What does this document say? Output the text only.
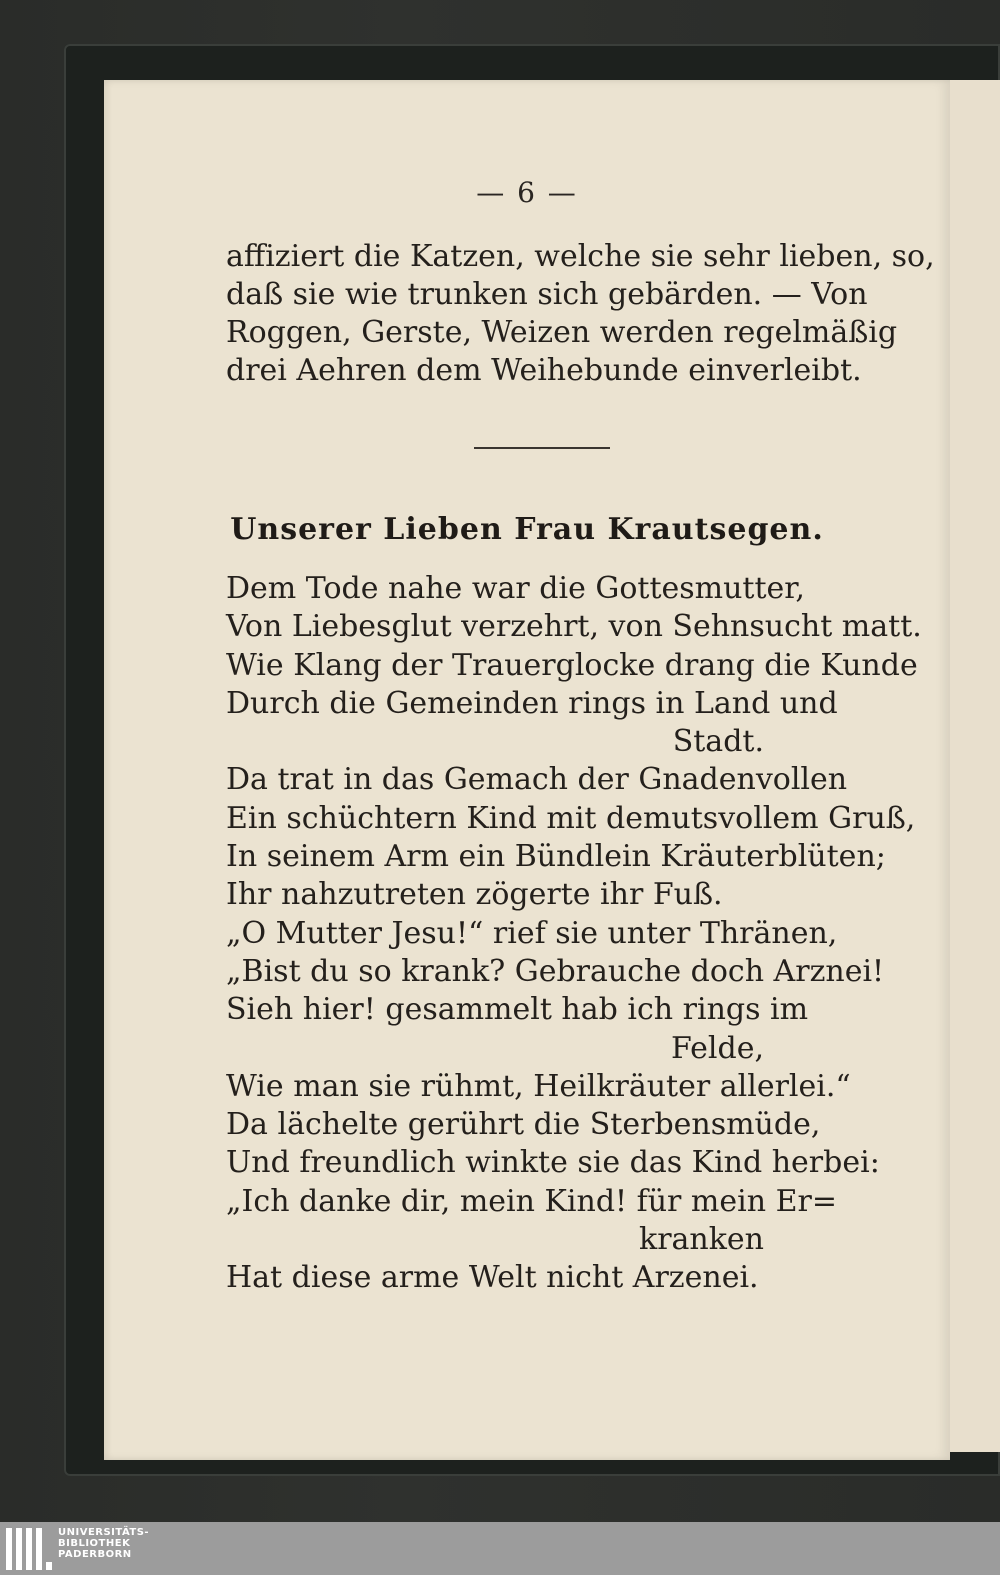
— 6 —
affiziert die Katzen, welche sie sehr lieben, so,
daß sie wie trunken sich gebärden. — Von
Roggen, Gerste, Weizen werden regelmäßig
drei Aehren dem Weihebunde einverleibt.
Unserer Lieben Frau Krautsegen.
Dem Tode nahe war die Gottesmutter,
Von Liebesglut verzehrt, von Sehnsucht matt.
Wie Klang der Trauerglocke drang die Kunde
Durch die Gemeinden rings in Land und
Stadt.
Da trat in das Gemach der Gnadenvollen
Ein schüchtern Kind mit demutsvollem Gruß,
In seinem Arm ein Bündlein Kräuterblüten;
Ihr nahzutreten zögerte ihr Fuß.
„O Mutter Jesu!“ rief sie unter Thränen,
„Bist du so krank? Gebrauche doch Arznei!
Sieh hier! gesammelt hab ich rings im
Felde,
Wie man sie rühmt, Heilkräuter allerlei.“
Da lächelte gerührt die Sterbensmüde,
Und freundlich winkte sie das Kind herbei:
„Ich danke dir, mein Kind! für mein Er=
kranken
Hat diese arme Welt nicht Arzenei.
UNIVERSITÄTS-
BIBLIOTHEK
PADERBORN
